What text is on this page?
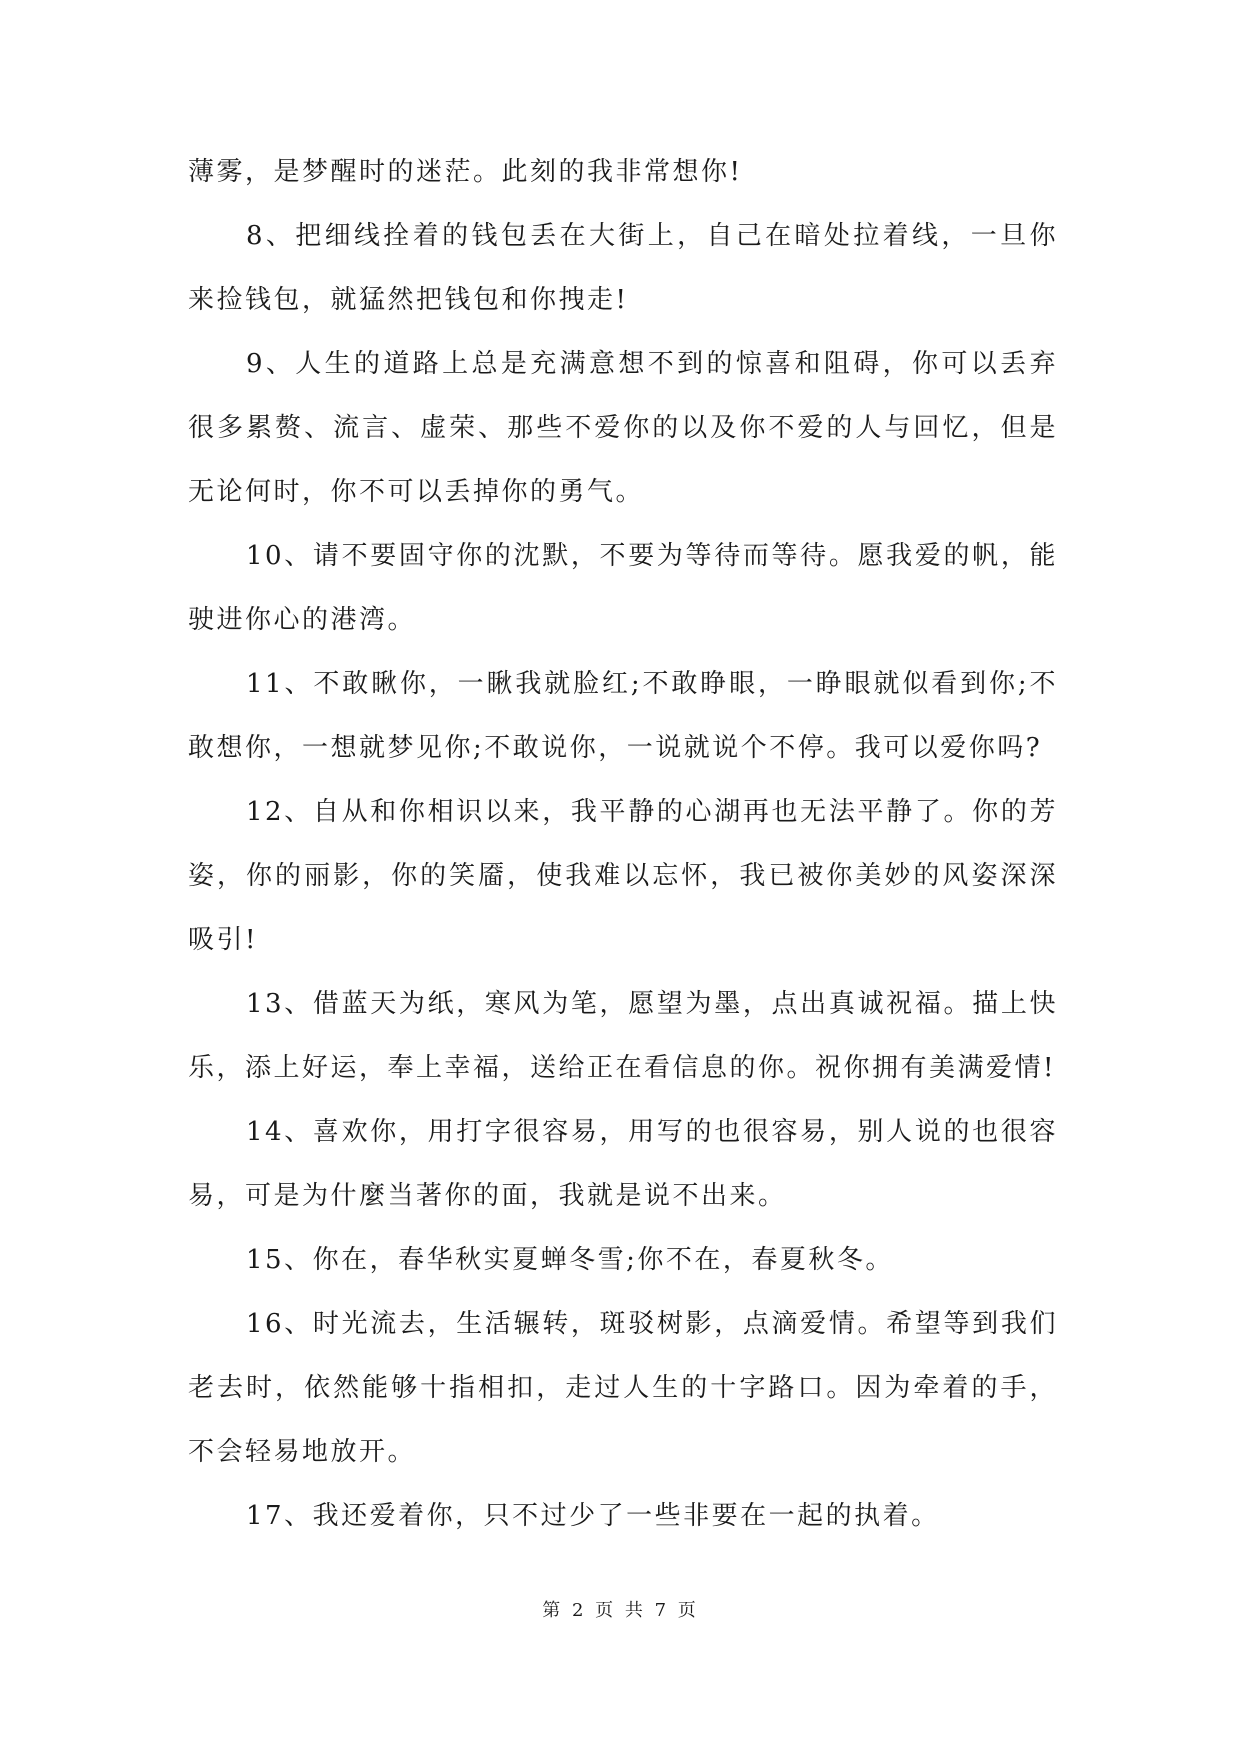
薄雾，是梦醒时的迷茫。此刻的我非常想你!

8、把细线拴着的钱包丢在大街上，自己在暗处拉着线，一旦你来捡钱包，就猛然把钱包和你拽走!

9、人生的道路上总是充满意想不到的惊喜和阻碍，你可以丢弃很多累赘、流言、虚荣、那些不爱你的以及你不爱的人与回忆，但是无论何时，你不可以丢掉你的勇气。

10、请不要固守你的沈默，不要为等待而等待。愿我爱的帆，能驶进你心的港湾。

11、不敢瞅你，一瞅我就脸红;不敢睁眼，一睁眼就似看到你;不敢想你，一想就梦见你;不敢说你，一说就说个不停。我可以爱你吗?

12、自从和你相识以来，我平静的心湖再也无法平静了。你的芳姿，你的丽影，你的笑靥，使我难以忘怀，我已被你美妙的风姿深深吸引!

13、借蓝天为纸，寒风为笔，愿望为墨，点出真诚祝福。描上快乐，添上好运，奉上幸福，送给正在看信息的你。祝你拥有美满爱情!

14、喜欢你，用打字很容易，用写的也很容易，别人说的也很容易，可是为什麼当著你的面，我就是说不出来。

15、你在，春华秋实夏蝉冬雪;你不在，春夏秋冬。

16、时光流去，生活辗转，斑驳树影，点滴爱情。希望等到我们老去时，依然能够十指相扣，走过人生的十字路口。因为牵着的手，不会轻易地放开。

17、我还爱着你，只不过少了一些非要在一起的执着。

第 2 页 共 7 页
